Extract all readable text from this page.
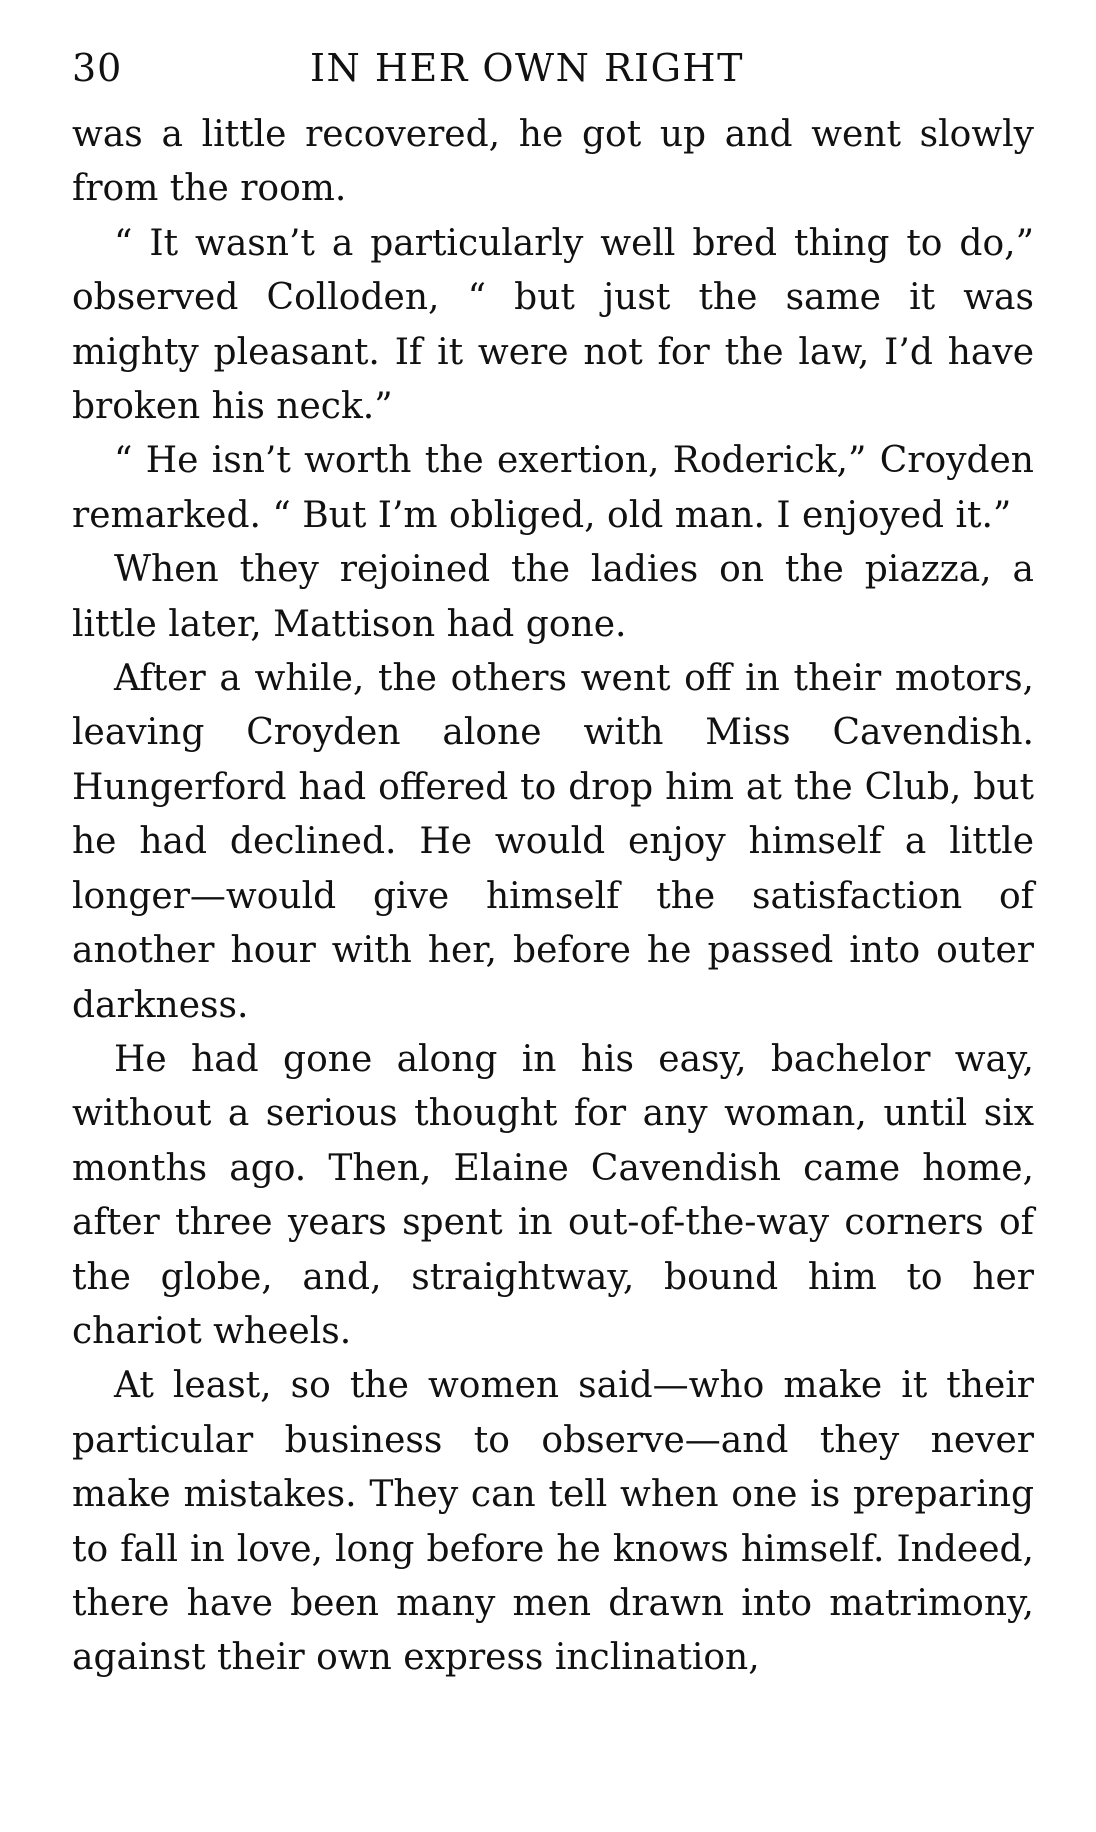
30	IN HER OWN RIGHT

was a little recovered, he got up and went slowly from the room.

“ It wasn’t a particularly well bred thing to do,” observed Colloden, “ but just the same it was mighty pleasant. If it were not for the law, I’d have broken his neck.”

“ He isn’t worth the exertion, Roderick,” Croyden remarked. “ But I’m obliged, old man. I enjoyed it.”

When they rejoined the ladies on the piazza, a little later, Mattison had gone.

After a while, the others went off in their motors, leaving Croyden alone with Miss Cavendish. Hungerford had offered to drop him at the Club, but he had declined. He would enjoy himself a little longer—would give himself the satisfaction of another hour with her, before he passed into outer darkness.

He had gone along in his easy, bachelor way, without a serious thought for any woman, until six months ago. Then, Elaine Cavendish came home, after three years spent in out-of-the-way corners of the globe, and, straightway, bound him to her chariot wheels.

At least, so the women said—who make it their particular business to observe—and they never make mistakes. They can tell when one is preparing to fall in love, long before he knows himself. Indeed, there have been many men drawn into matrimony, against their own express inclination,
